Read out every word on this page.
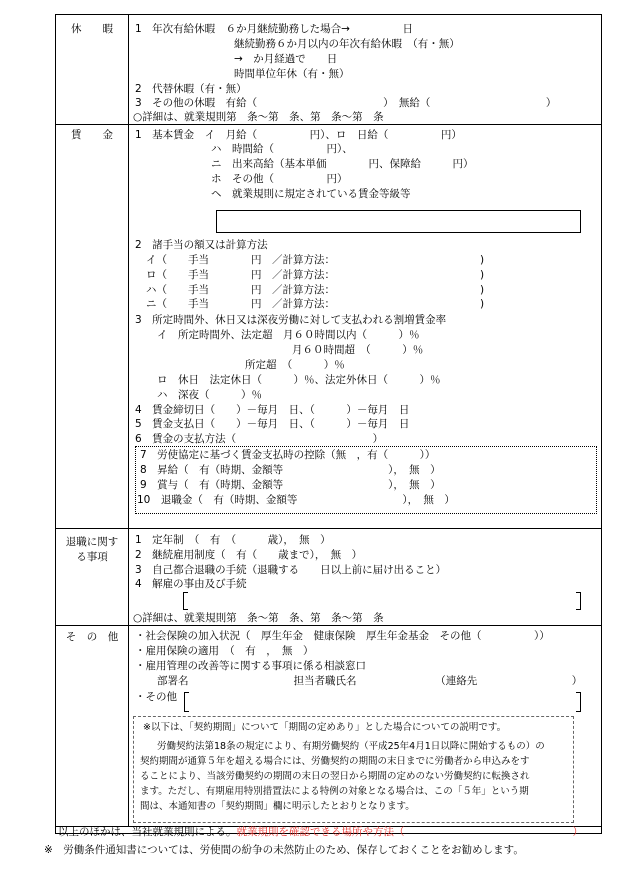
休　　暇
賃　　金
退職に関す
る事項
そ　の　他
1　年次有給休暇　６か月継続勤務した場合→　　　　　日
継続勤務６か月以内の年次有給休暇　（有・無）
→　か月経過で　　日
時間単位年休（有・無）
2　代替休暇（有・無）
3　その他の休暇　有給（　　　　　　　　　　　　）　無給（　　　　　　　　　　　）
○詳細は、就業規則第　条～第　条、第　条～第　条
1　基本賃金　イ　月給（　　　　　円）、ロ　日給（　　　　　円）
ハ　時間給（　　　　　円）、
ニ　出来高給（基本単価　　　　円、保障給　　　円）
ホ　その他（　　　　　円）
ヘ　就業規則に規定されている賃金等級等
2　諸手当の額又は計算方法
イ（　　手当　　　　円　／計算方法：
ロ（　　手当　　　　円　／計算方法：
ハ（　　手当　　　　円　／計算方法：
ニ（　　手当　　　　円　／計算方法：
)
)
)
)
3　所定時間外、休日又は深夜労働に対して支払われる割増賃金率
イ　所定時間外、法定超　月６０時間以内（　　　）％
月６０時間超　（　　　）％
所定超　（　　　）％
ロ　休日　法定休日（　　　）％、法定外休日（　　　）％
ハ　深夜（　　　）％
4　賃金締切日（　　）－毎月　日、（　　　）－毎月　日
5　賃金支払日（　　）－毎月　日、（　　　）－毎月　日
6　賃金の支払方法（　　　　　　　　　　　　　）
7　労使協定に基づく賃金支払時の控除（無　，有（　　　））
8　昇給（　有（時期、金額等　　　　　　　　　　），　無　）
9　賞与（　有（時期、金額等　　　　　　　　　　），　無　）
10　退職金（　有（時期、金額等　　　　　　　　　　），　無　）
1　定年制　（　有　（　　　歳），　無　）
2　継続雇用制度（　有（　　歳まで），　無　）
3　自己都合退職の手続（退職する　　日以上前に届け出ること）
4　解雇の事由及び手続
○詳細は、就業規則第　条～第　条、第　条～第　条
・社会保険の加入状況（　厚生年金　健康保険　厚生年金基金　その他（　　　　　））
・雇用保険の適用　（　有　，　無　）
・雇用管理の改善等に関する事項に係る相談窓口
部署名　　　　　　　　　　担当者職氏名　　　　　　　　（連絡先　　　　　　　　　）
・その他
※以下は、「契約期間」について「期間の定めあり」とした場合についての説明です。
労働契約法第18条の規定により、有期労働契約（平成25年4月1日以降に開始するもの）の
契約期間が通算５年を超える場合には、労働契約の期間の末日までに労働者から申込みをす
ることにより、当該労働契約の期間の末日の翌日から期間の定めのない労働契約に転換され
ます。ただし、有期雇用特別措置法による特例の対象となる場合は、この「５年」という期
間は、本通知書の「契約期間」欄に明示したとおりとなります。
以上のほかは、当社就業規則による。就業規則を確認できる場所や方法（　　　　　　　　　　　　　　　　）
※　労働条件通知書については、労使間の紛争の未然防止のため、保存しておくことをお勧めします。
